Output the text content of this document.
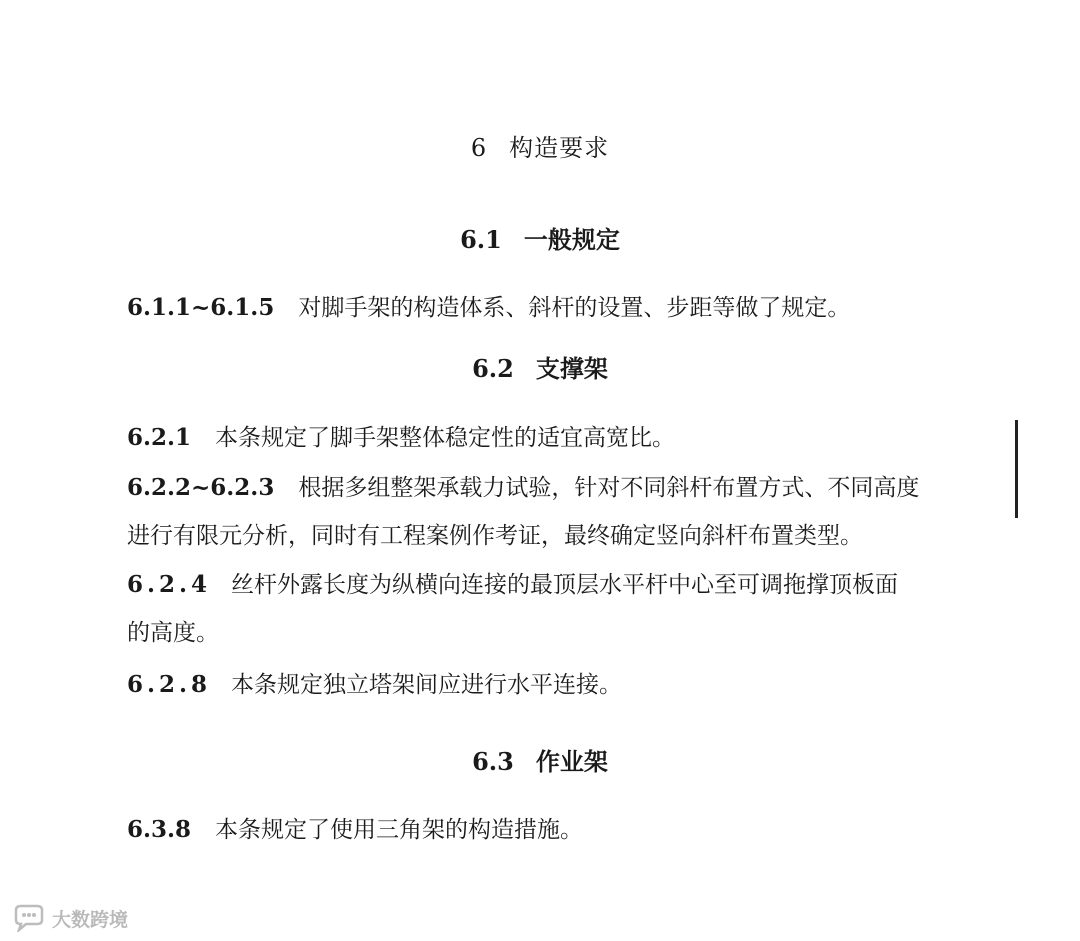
6 构造要求
6.1 一般规定
6.1.1~6.1.5 对脚手架的构造体系、斜杆的设置、步距等做了规定。
6.2 支撑架
6.2.1 本条规定了脚手架整体稳定性的适宜高宽比。
6.2.2~6.2.3 根据多组整架承载力试验，针对不同斜杆布置方式、不同高度
进行有限元分析，同时有工程案例作考证，最终确定竖向斜杆布置类型。
6.2.4 丝杆外露长度为纵横向连接的最顶层水平杆中心至可调拖撑顶板面
的高度。
6.2.8 本条规定独立塔架间应进行水平连接。
6.3 作业架
6.3.8 本条规定了使用三角架的构造措施。
大数跨境
